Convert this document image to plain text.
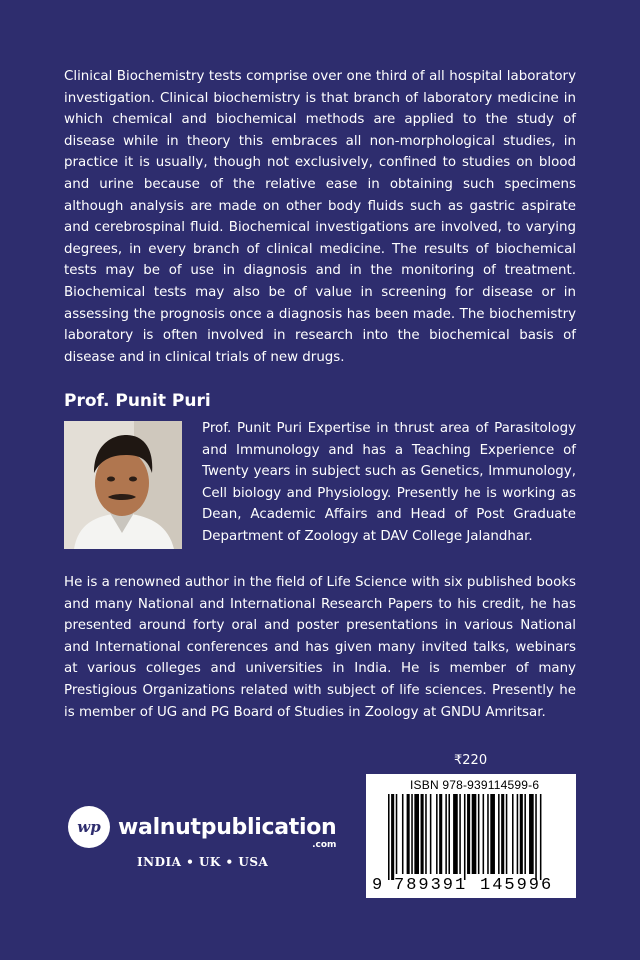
Clinical Biochemistry tests comprise over one third of all hospital laboratory investigation. Clinical biochemistry is that branch of laboratory medicine in which chemical and biochemical methods are applied to the study of disease while in theory this embraces all non-morphological studies, in practice it is usually, though not exclusively, confined to studies on blood and urine because of the relative ease in obtaining such specimens although analysis are made on other body fluids such as gastric aspirate and cerebrospinal fluid. Biochemical investigations are involved, to varying degrees, in every branch of clinical medicine. The results of biochemical tests may be of use in diagnosis and in the monitoring of treatment. Biochemical tests may also be of value in screening for disease or in assessing the prognosis once a diagnosis has been made. The biochemistry laboratory is often involved in research into the biochemical basis of disease and in clinical trials of new drugs.

Prof. Punit Puri

Prof. Punit Puri Expertise in thrust area of Parasitology and Immunology and has a Teaching Experience of Twenty years in subject such as Genetics, Immunology, Cell biology and Physiology. Presently he is working as Dean, Academic Affairs and Head of Post Graduate Department of Zoology at DAV College Jalandhar.

He is a renowned author in the field of Life Science with six published books and many National and International Research Papers to his credit, he has presented around forty oral and poster presentations in various National and International conferences and has given many invited talks, webinars at various colleges and universities in India. He is member of many Prestigious Organizations related with subject of life sciences. Presently he is member of UG and PG Board of Studies in Zoology at GNDU Amritsar.

₹220
ISBN 978-939114599-6
9 789391 145996
wp walnutpublication
.com
INDIA • UK • USA
